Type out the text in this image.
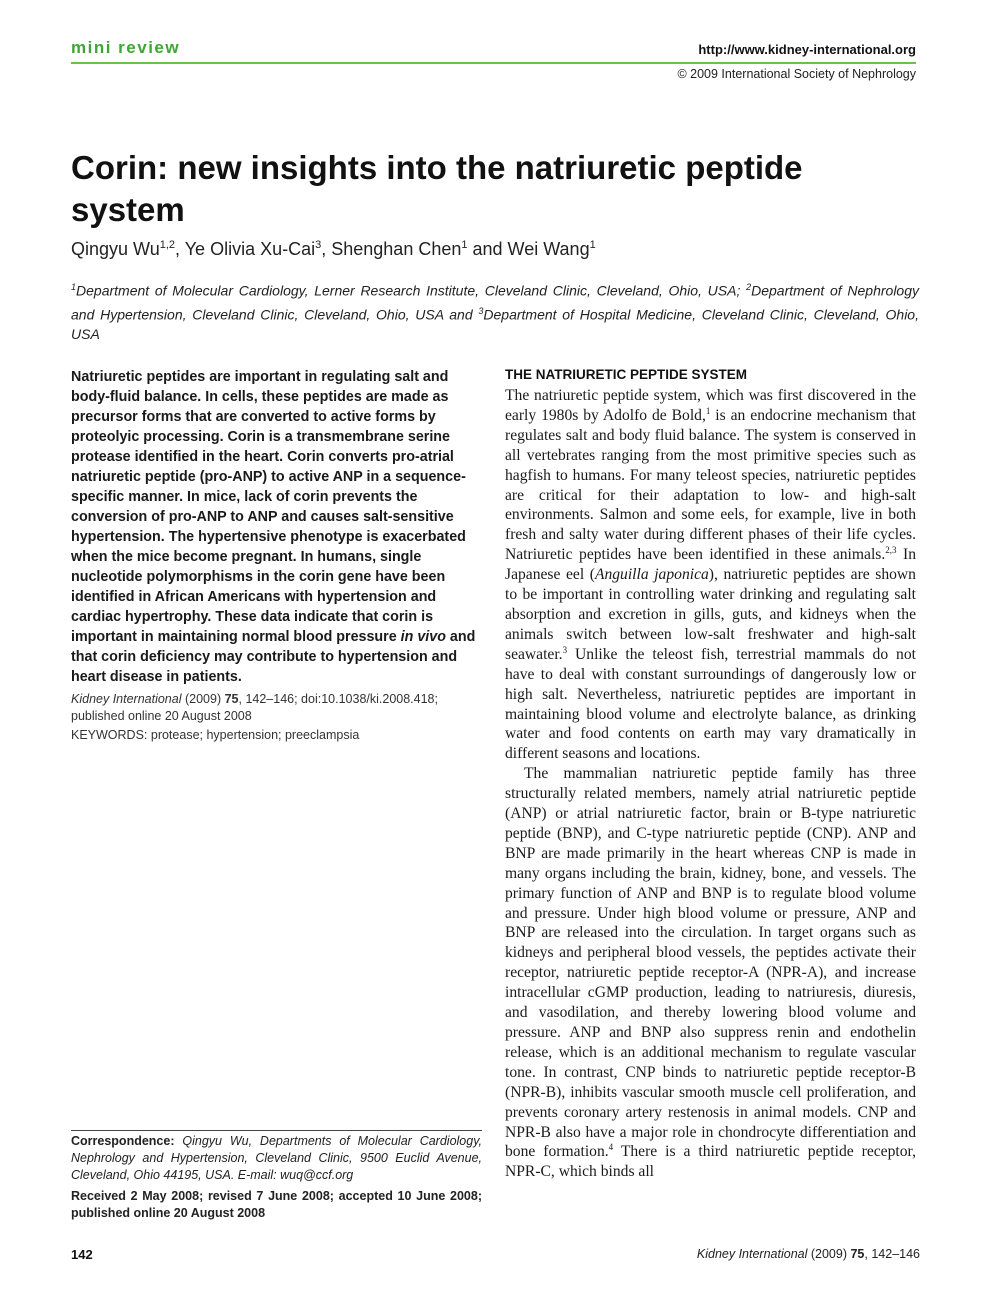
mini review	http://www.kidney-international.org
© 2009 International Society of Nephrology
Corin: new insights into the natriuretic peptide system
Qingyu Wu$^{1,2}$, Ye Olivia Xu-Cai$^3$, Shenghan Chen$^1$ and Wei Wang$^1$
$^1$Department of Molecular Cardiology, Lerner Research Institute, Cleveland Clinic, Cleveland, Ohio, USA; $^2$Department of Nephrology and Hypertension, Cleveland Clinic, Cleveland, Ohio, USA and $^3$Department of Hospital Medicine, Cleveland Clinic, Cleveland, Ohio, USA
Natriuretic peptides are important in regulating salt and body-fluid balance. In cells, these peptides are made as precursor forms that are converted to active forms by proteolyic processing. Corin is a transmembrane serine protease identified in the heart. Corin converts pro-atrial natriuretic peptide (pro-ANP) to active ANP in a sequence-specific manner. In mice, lack of corin prevents the conversion of pro-ANP to ANP and causes salt-sensitive hypertension. The hypertensive phenotype is exacerbated when the mice become pregnant. In humans, single nucleotide polymorphisms in the corin gene have been identified in African Americans with hypertension and cardiac hypertrophy. These data indicate that corin is important in maintaining normal blood pressure in vivo and that corin deficiency may contribute to hypertension and heart disease in patients.
Kidney International (2009) 75, 142–146; doi:10.1038/ki.2008.418; published online 20 August 2008
KEYWORDS: protease; hypertension; preeclampsia
Correspondence: Qingyu Wu, Departments of Molecular Cardiology, Nephrology and Hypertension, Cleveland Clinic, 9500 Euclid Avenue, Cleveland, Ohio 44195, USA. E-mail: wuq@ccf.org
Received 2 May 2008; revised 7 June 2008; accepted 10 June 2008; published online 20 August 2008
THE NATRIURETIC PEPTIDE SYSTEM

The natriuretic peptide system, which was first discovered in the early 1980s by Adolfo de Bold,$^1$ is an endocrine mechanism that regulates salt and body fluid balance. The system is conserved in all vertebrates ranging from the most primitive species such as hagfish to humans. For many teleost species, natriuretic peptides are critical for their adaptation to low- and high-salt environments. Salmon and some eels, for example, live in both fresh and salty water during different phases of their life cycles. Natriuretic peptides have been identified in these animals.$^{2,3}$ In Japanese eel (Anguilla japonica), natriuretic peptides are shown to be important in controlling water drinking and regulating salt absorption and excretion in gills, guts, and kidneys when the animals switch between low-salt freshwater and high-salt seawater.$^3$ Unlike the teleost fish, terrestrial mammals do not have to deal with constant surroundings of dangerously low or high salt. Nevertheless, natriuretic peptides are important in maintaining blood volume and electrolyte balance, as drinking water and food contents on earth may vary dramatically in different seasons and locations.

The mammalian natriuretic peptide family has three structurally related members, namely atrial natriuretic peptide (ANP) or atrial natriuretic factor, brain or B-type natriuretic peptide (BNP), and C-type natriuretic peptide (CNP). ANP and BNP are made primarily in the heart whereas CNP is made in many organs including the brain, kidney, bone, and vessels. The primary function of ANP and BNP is to regulate blood volume and pressure. Under high blood volume or pressure, ANP and BNP are released into the circulation. In target organs such as kidneys and peripheral blood vessels, the peptides activate their receptor, natriuretic peptide receptor-A (NPR-A), and increase intracellular cGMP production, leading to natriuresis, diuresis, and vasodilation, and thereby lowering blood volume and pressure. ANP and BNP also suppress renin and endothelin release, which is an additional mechanism to regulate vascular tone. In contrast, CNP binds to natriuretic peptide receptor-B (NPR-B), inhibits vascular smooth muscle cell proliferation, and prevents coronary artery restenosis in animal models. CNP and NPR-B also have a major role in chondrocyte differentiation and bone formation.$^4$ There is a third natriuretic peptide receptor, NPR-C, which binds all

142	Kidney International (2009) 75, 142–146
